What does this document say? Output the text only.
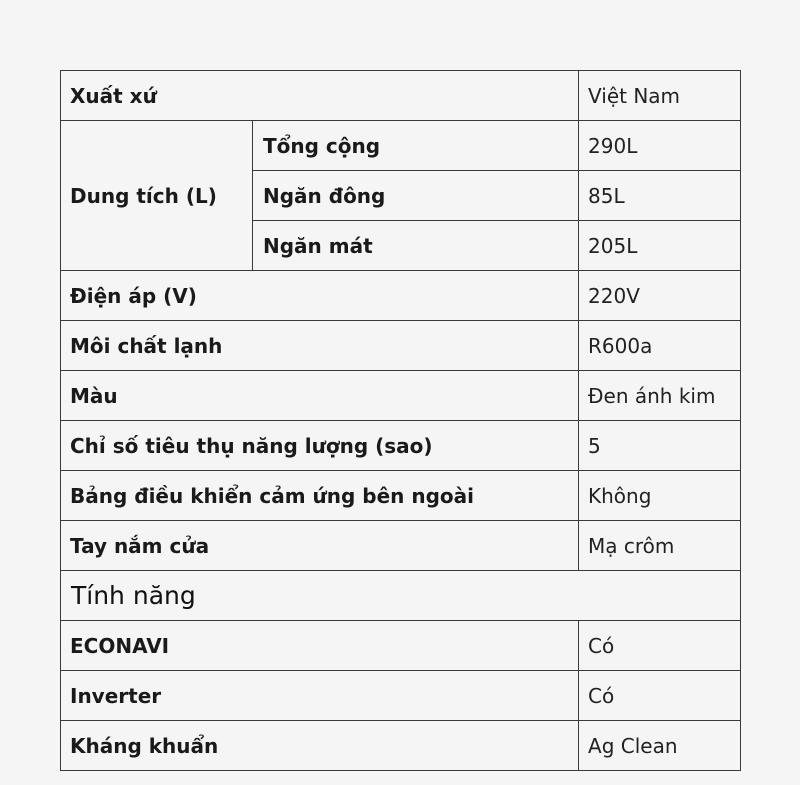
Xuất xứ		Việt Nam
Dung tích (L)	Tổng cộng	290L
	Ngăn đông	85L
	Ngăn mát	205L
Điện áp (V)		220V
Môi chất lạnh		R600a
Màu		Đen ánh kim
Chỉ số tiêu thụ năng lượng (sao)		5
Bảng điều khiển cảm ứng bên ngoài		Không
Tay nắm cửa		Mạ crôm
Tính năng		
ECONAVI		Có
Inverter		Có
Kháng khuẩn		Ag Clean
